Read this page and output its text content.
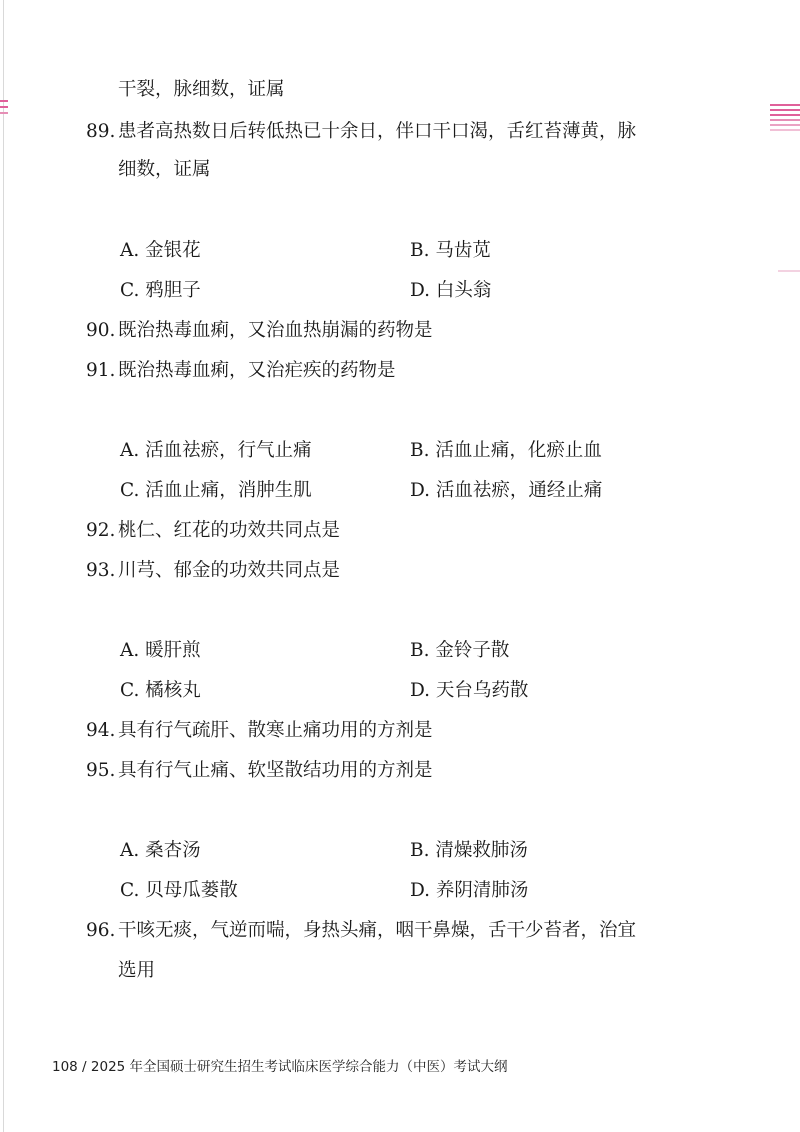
干裂，脉细数，证属
89. 患者高热数日后转低热已十余日，伴口干口渴，舌红苔薄黄，脉
细数，证属
A. 金银花	B. 马齿苋
C. 鸦胆子	D. 白头翁
90. 既治热毒血痢，又治血热崩漏的药物是
91. 既治热毒血痢，又治疟疾的药物是
A. 活血祛瘀，行气止痛	B. 活血止痛，化瘀止血
C. 活血止痛，消肿生肌	D. 活血祛瘀，通经止痛
92. 桃仁、红花的功效共同点是
93. 川芎、郁金的功效共同点是
A. 暖肝煎	B. 金铃子散
C. 橘核丸	D. 天台乌药散
94. 具有行气疏肝、散寒止痛功用的方剂是
95. 具有行气止痛、软坚散结功用的方剂是
A. 桑杏汤	B. 清燥救肺汤
C. 贝母瓜蒌散	D. 养阴清肺汤
96. 干咳无痰，气逆而喘，身热头痛，咽干鼻燥，舌干少苔者，治宜
选用
108 / 2025 年全国硕士研究生招生考试临床医学综合能力（中医）考试大纲
